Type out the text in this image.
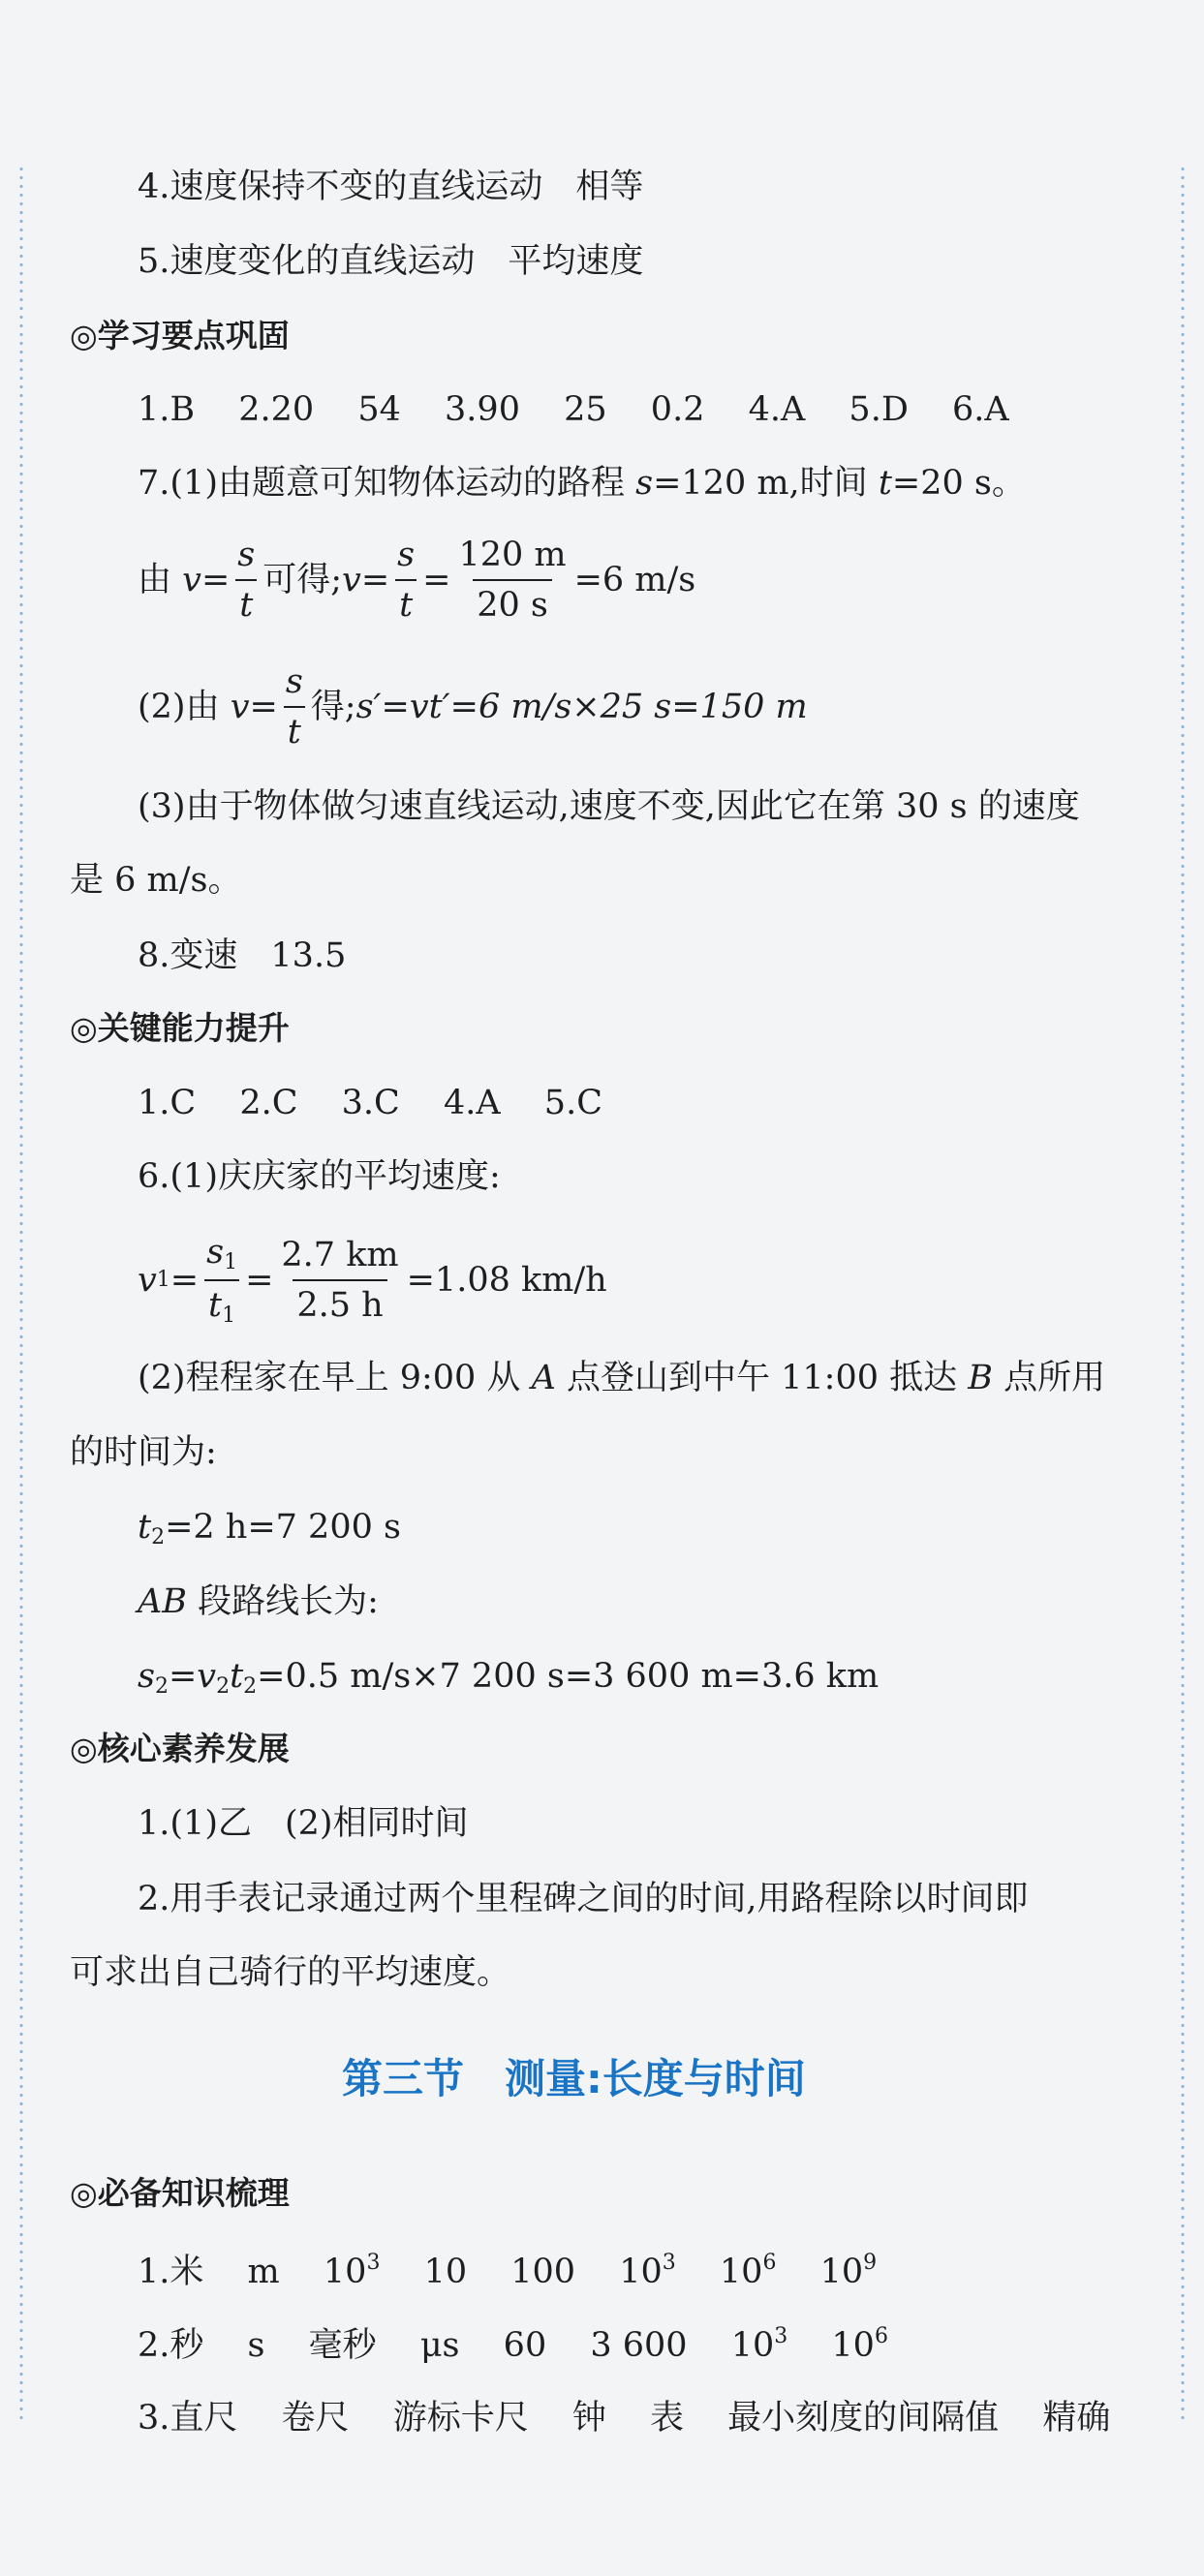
4.速度保持不变的直线运动 相等
5.速度变化的直线运动 平均速度
◎学习要点巩固
1.B 2.20 54 3.90 25 0.2 4.A 5.D 6.A
7.(1)由题意可知物体运动的路程 s=120 m,时间 t=20 s。
由
$v = \frac{s}{t}$ 可得; $v = \frac{s}{t} = \frac{120 m}{20 s} =6$ m/s
(2)由
$v = \frac{s}{t}$ 得; s′=vt′=6 m/s×25 s=150 m
(3)由于物体做匀速直线运动,速度不变,因此它在第 30 s 的速度
是 6 m/s。
8.变速 13.5
◎关键能力提升
1.C 2.C 3.C 4.A 5.C
6.(1)庆庆家的平均速度:
v $1 = \frac{s_1}{t_1} = \frac{2.7 km}{2.5 h} =1.08$ km/h
(2)程程家在早上 9:00 从 A 点登山到中午 11:00 抵达 B 点所用
的时间为:
$t_2=2$ h=7 200 s
AB 段路线长为:
$s_2=v_2t_2=0.5$ m/s×7 200 s=3 600 m=3.6 km
◎核心素养发展
1.(1)乙 (2)相同时间
2.用手表记录通过两个里程碑之间的时间,用路程除以时间即
可求出自己骑行的平均速度。
第三节　测量:长度与时间
◎必备知识梳理
1.米 m $10^3$ 10 100 $10^3$ $10^6$ $10^9$
2.秒 s 毫秒 μs 60 3 600 $10^3$ $10^6$
3.直尺 卷尺 游标卡尺 钟 表 最小刻度的间隔值 精确
